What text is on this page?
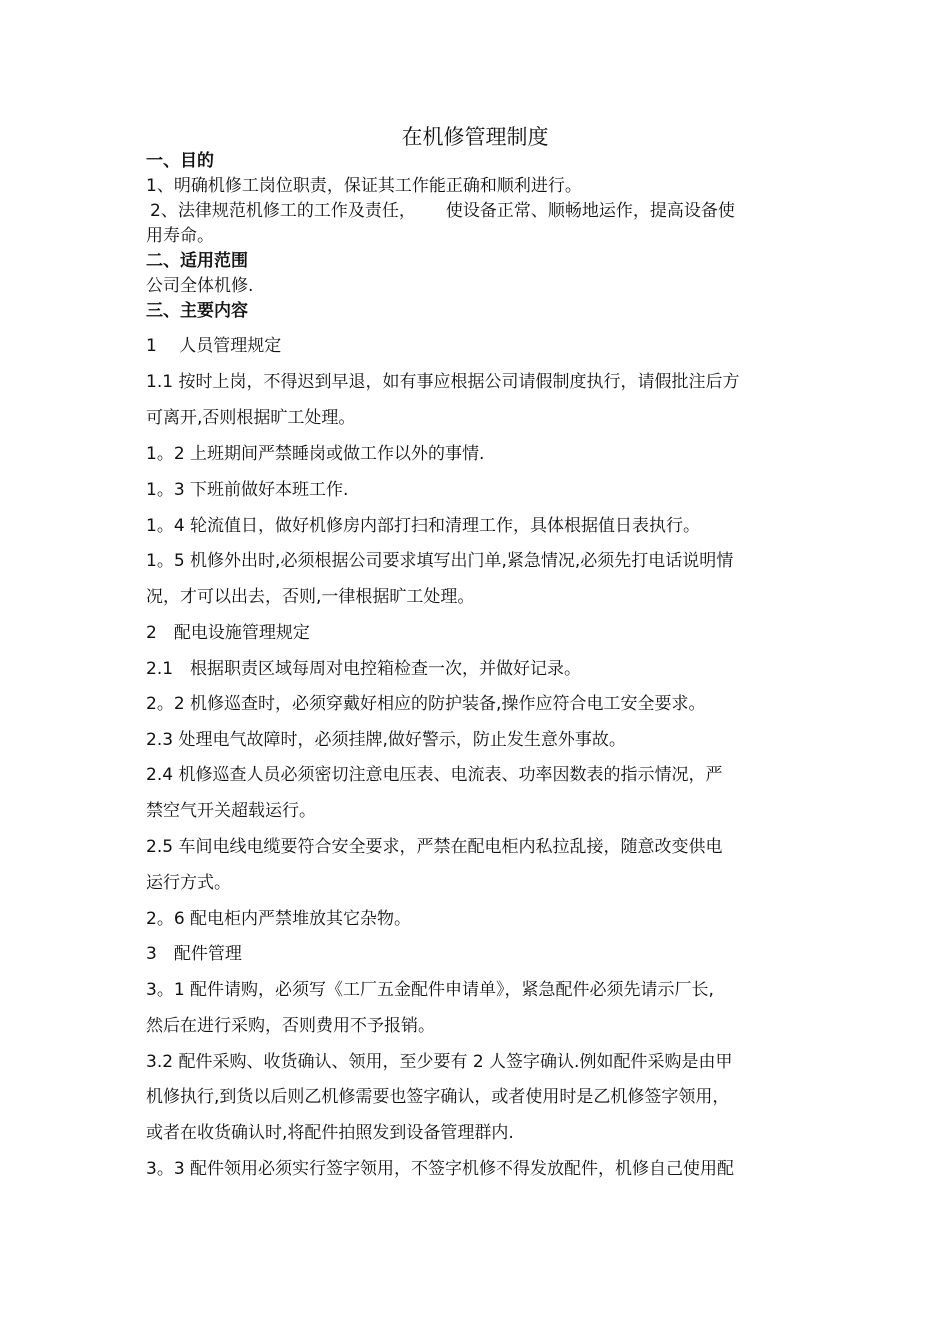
在机修管理制度
一、目的
1、明确机修工岗位职责，保证其工作能正确和顺利进行。
2、法律规范机修工的工作及责任， 使设备正常、顺畅地运作，提高设备使
用寿命。
二、适用范围
公司全体机修.
三、主要内容
1　 人员管理规定
1.1 按时上岗，不得迟到早退，如有事应根据公司请假制度执行，请假批注后方
可离开,否则根据旷工处理。
1。2 上班期间严禁睡岗或做工作以外的事情.
1。3 下班前做好本班工作.
1。4 轮流值日，做好机修房内部打扫和清理工作，具体根据值日表执行。
1。5 机修外出时,必须根据公司要求填写出门单,紧急情况,必须先打电话说明情
况，才可以出去，否则,一律根据旷工处理。
2　配电设施管理规定
2.1　根据职责区域每周对电控箱检查一次，并做好记录。
2。2 机修巡查时，必须穿戴好相应的防护装备,操作应符合电工安全要求。
2.3 处理电气故障时，必须挂牌,做好警示，防止发生意外事故。
2.4 机修巡查人员必须密切注意电压表、电流表、功率因数表的指示情况，严
禁空气开关超载运行。
2.5 车间电线电缆要符合安全要求，严禁在配电柜内私拉乱接，随意改变供电
运行方式。
2。6 配电柜内严禁堆放其它杂物。
3　配件管理
3。1 配件请购，必须写《工厂五金配件申请单》，紧急配件必须先请示厂长,
然后在进行采购，否则费用不予报销。
3.2 配件采购、收货确认、领用，至少要有 2 人签字确认.例如配件采购是由甲
机修执行,到货以后则乙机修需要也签字确认，或者使用时是乙机修签字领用，
或者在收货确认时,将配件拍照发到设备管理群内.
3。3 配件领用必须实行签字领用，不签字机修不得发放配件，机修自己使用配
